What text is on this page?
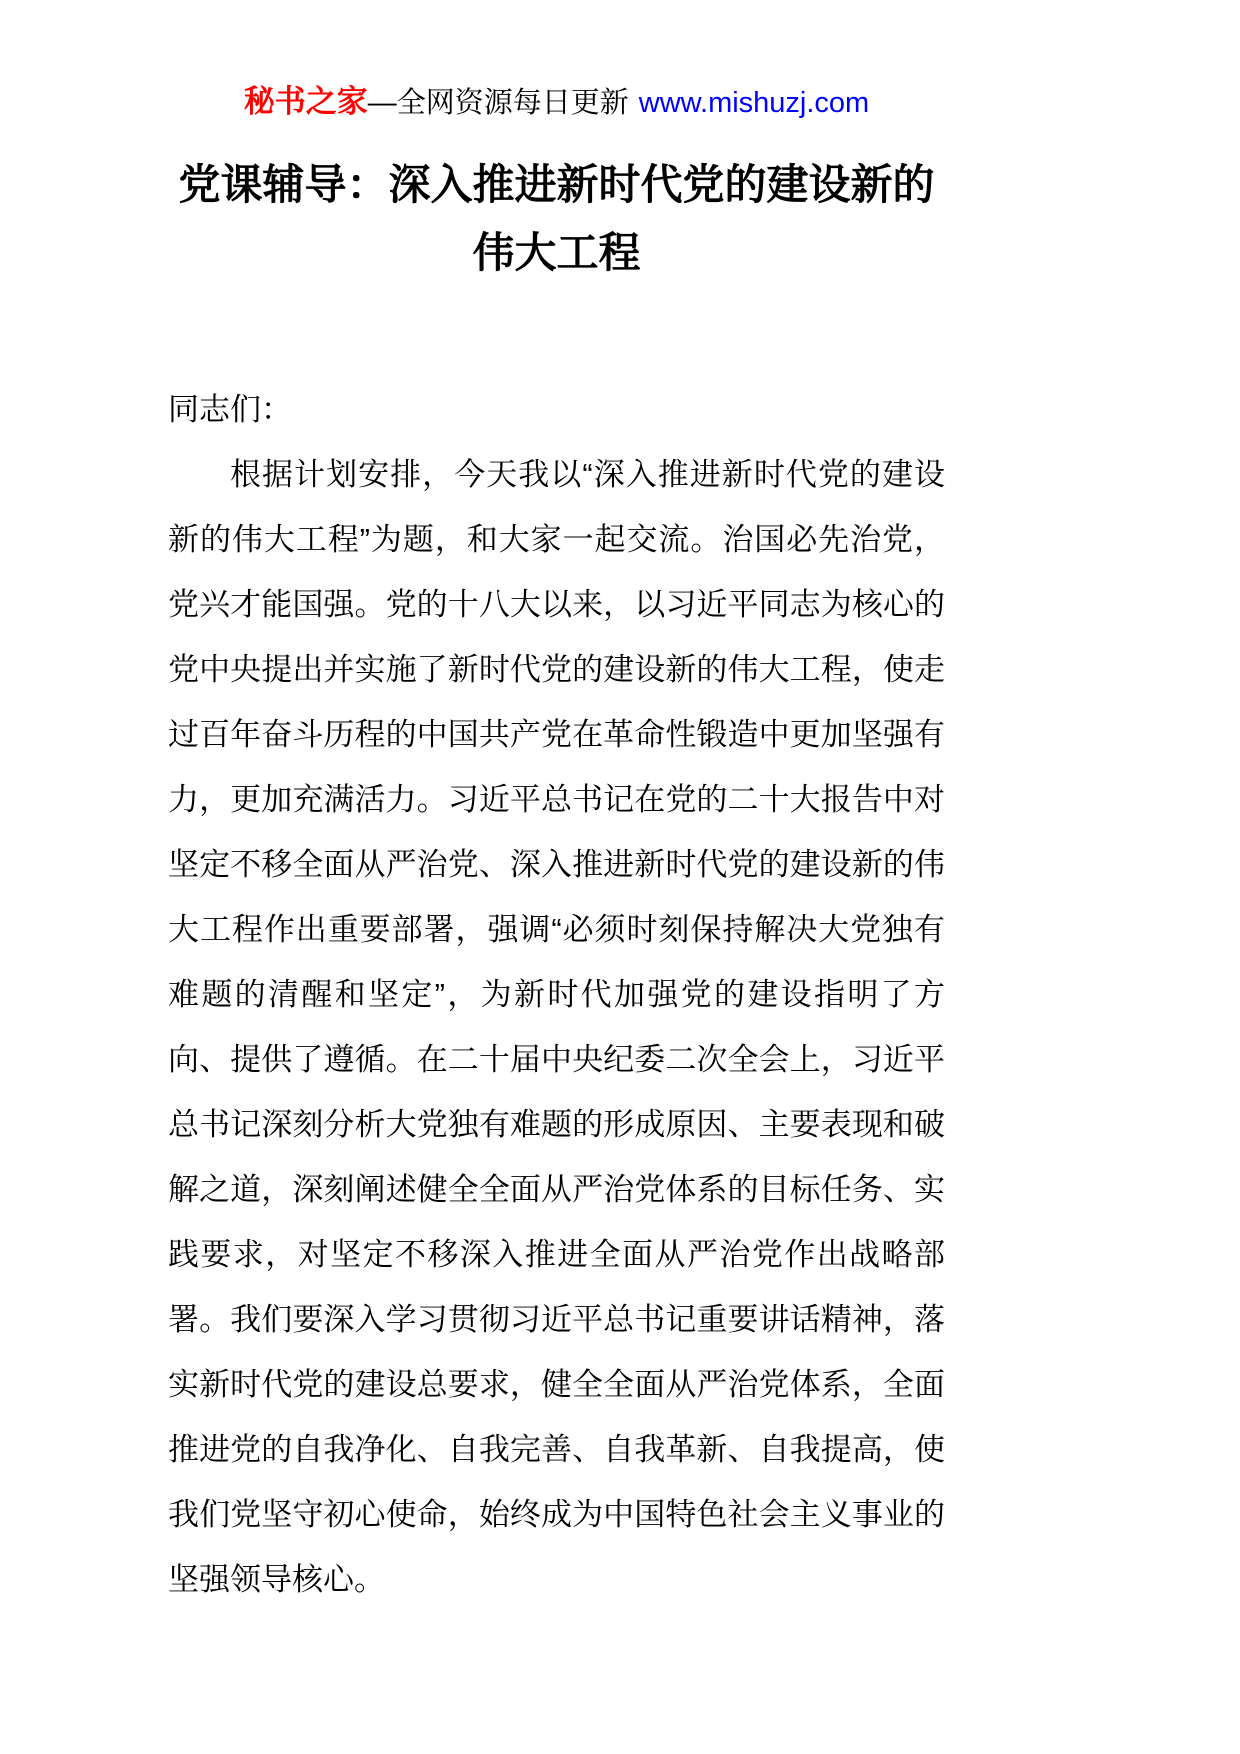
秘书之家—全网资源每日更新 www.mishuzj.com
党课辅导：深入推进新时代党的建设新的伟大工程
同志们：
根据计划安排，今天我以“深入推进新时代党的建设新的伟大工程”为题，和大家一起交流。治国必先治党，党兴才能国强。党的十八大以来，以习近平同志为核心的党中央提出并实施了新时代党的建设新的伟大工程，使走过百年奋斗历程的中国共产党在革命性锻造中更加坚强有力，更加充满活力。习近平总书记在党的二十大报告中对坚定不移全面从严治党、深入推进新时代党的建设新的伟大工程作出重要部署，强调“必须时刻保持解决大党独有难题的清醒和坚定”，为新时代加强党的建设指明了方向、提供了遵循。在二十届中央纪委二次全会上，习近平总书记深刻分析大党独有难题的形成原因、主要表现和破解之道，深刻阐述健全全面从严治党体系的目标任务、实践要求，对坚定不移深入推进全面从严治党作出战略部署。我们要深入学习贯彻习近平总书记重要讲话精神，落实新时代党的建设总要求，健全全面从严治党体系，全面推进党的自我净化、自我完善、自我革新、自我提高，使我们党坚守初心使命，始终成为中国特色社会主义事业的坚强领导核心。
